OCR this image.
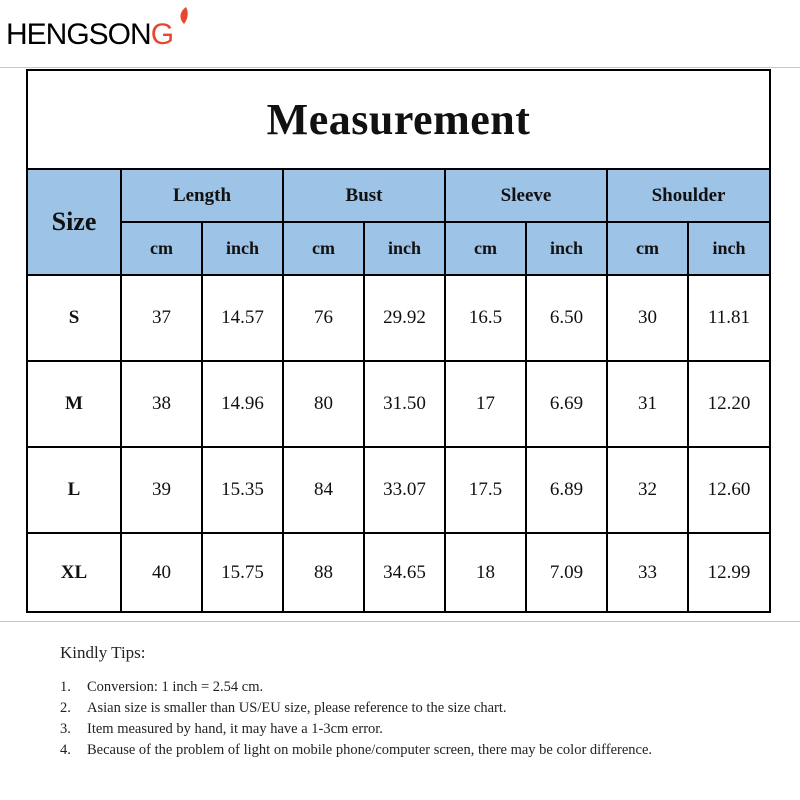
HENGSONG
Measurement								
Size	Length		Bust		Sleeve		Shoulder	
	cm	inch	cm	inch	cm	inch	cm	inch
S	37	14.57	76	29.92	16.5	6.50	30	11.81
M	38	14.96	80	31.50	17	6.69	31	12.20
L	39	15.35	84	33.07	17.5	6.89	32	12.60
XL	40	15.75	88	34.65	18	7.09	33	12.99
Kindly Tips:
1.	Conversion: 1 inch = 2.54 cm.
2.	Asian size is smaller than US/EU size, please reference to the size chart.
3.	Item measured by hand, it may have a 1-3cm error.
4.	Because of the problem of light on mobile phone/computer screen, there may be color difference.
